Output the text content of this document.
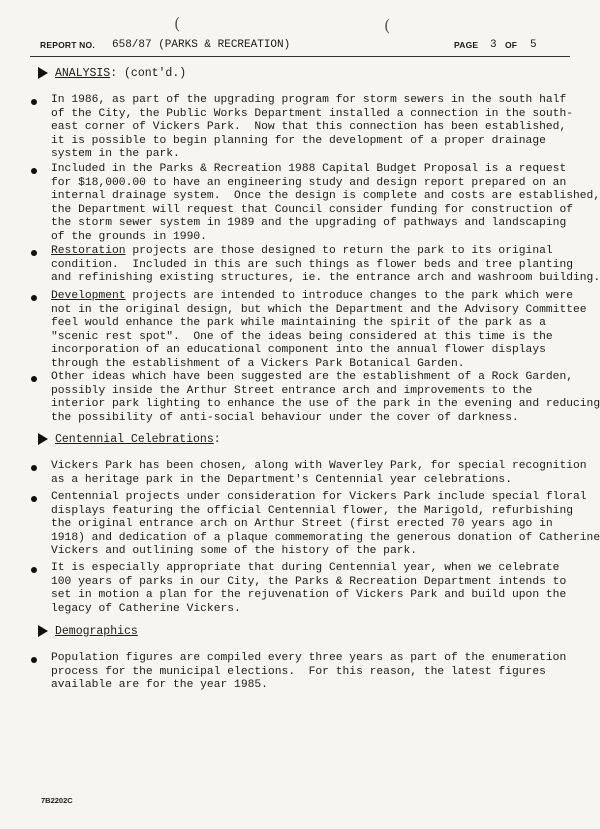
(	(
REPORT NO. 658/87 (PARKS & RECREATION)	PAGE 3 OF 5
ANALYSIS: (cont'd.)
In 1986, as part of the upgrading program for storm sewers in the south half
of the City, the Public Works Department installed a connection in the south-
east corner of Vickers Park.  Now that this connection has been established,
it is possible to begin planning for the development of a proper drainage
system in the park.
Included in the Parks & Recreation 1988 Capital Budget Proposal is a request
for $18,000.00 to have an engineering study and design report prepared on an
internal drainage system.  Once the design is complete and costs are established,
the Department will request that Council consider funding for construction of
the storm sewer system in 1989 and the upgrading of pathways and landscaping
of the grounds in 1990.
Restoration projects are those designed to return the park to its original
condition.  Included in this are such things as flower beds and tree planting
and refinishing existing structures, ie. the entrance arch and washroom building.
Development projects are intended to introduce changes to the park which were
not in the original design, but which the Department and the Advisory Committee
feel would enhance the park while maintaining the spirit of the park as a
"scenic rest spot".  One of the ideas being considered at this time is the
incorporation of an educational component into the annual flower displays
through the establishment of a Vickers Park Botanical Garden.
Other ideas which have been suggested are the establishment of a Rock Garden,
possibly inside the Arthur Street entrance arch and improvements to the
interior park lighting to enhance the use of the park in the evening and reducing
the possibility of anti-social behaviour under the cover of darkness.
Centennial Celebrations:
Vickers Park has been chosen, along with Waverley Park, for special recognition
as a heritage park in the Department's Centennial year celebrations.
Centennial projects under consideration for Vickers Park include special floral
displays featuring the official Centennial flower, the Marigold, refurbishing
the original entrance arch on Arthur Street (first erected 70 years ago in
1918) and dedication of a plaque commemorating the generous donation of Catherine
Vickers and outlining some of the history of the park.
It is especially appropriate that during Centennial year, when we celebrate
100 years of parks in our City, the Parks & Recreation Department intends to
set in motion a plan for the rejuvenation of Vickers Park and build upon the
legacy of Catherine Vickers.
Demographics
Population figures are compiled every three years as part of the enumeration
process for the municipal elections.  For this reason, the latest figures
available are for the year 1985.
7B2202C
